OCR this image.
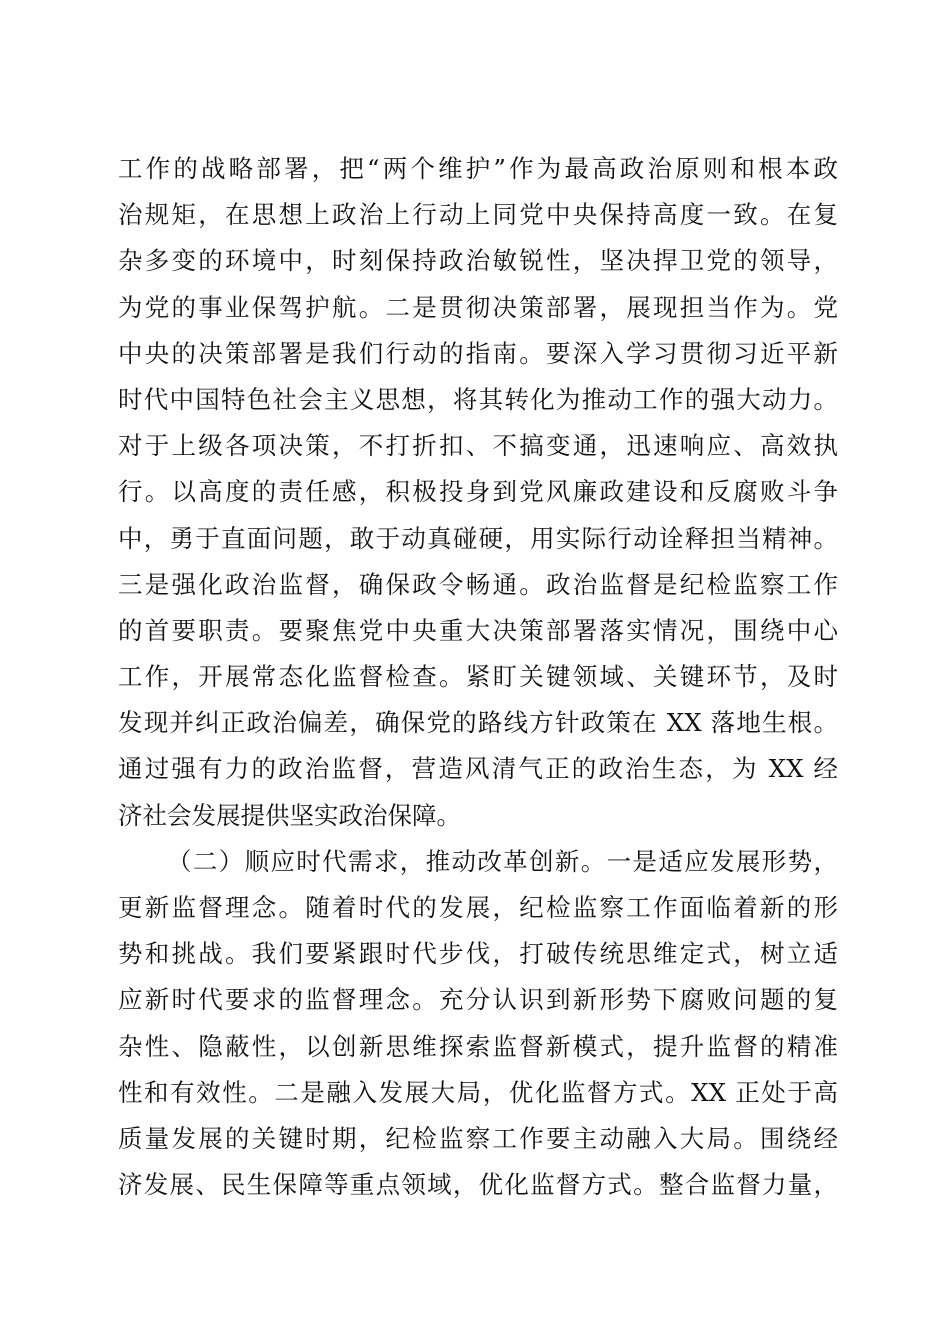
工作的战略部署，把“两个维护”作为最高政治原则和根本政
治规矩，在思想上政治上行动上同党中央保持高度一致。在复
杂多变的环境中，时刻保持政治敏锐性，坚决捍卫党的领导，
为党的事业保驾护航。二是贯彻决策部署，展现担当作为。党
中央的决策部署是我们行动的指南。要深入学习贯彻习近平新
时代中国特色社会主义思想，将其转化为推动工作的强大动力。
对于上级各项决策，不打折扣、不搞变通，迅速响应、高效执
行。以高度的责任感，积极投身到党风廉政建设和反腐败斗争
中，勇于直面问题，敢于动真碰硬，用实际行动诠释担当精神。
三是强化政治监督，确保政令畅通。政治监督是纪检监察工作
的首要职责。要聚焦党中央重大决策部署落实情况，围绕中心
工作，开展常态化监督检查。紧盯关键领域、关键环节，及时
发现并纠正政治偏差，确保党的路线方针政策在 XX 落地生根。
通过强有力的政治监督，营造风清气正的政治生态，为 XX 经
济社会发展提供坚实政治保障。
（二）顺应时代需求，推动改革创新。一是适应发展形势，
更新监督理念。随着时代的发展，纪检监察工作面临着新的形
势和挑战。我们要紧跟时代步伐，打破传统思维定式，树立适
应新时代要求的监督理念。充分认识到新形势下腐败问题的复
杂性、隐蔽性，以创新思维探索监督新模式，提升监督的精准
性和有效性。二是融入发展大局，优化监督方式。XX 正处于高
质量发展的关键时期，纪检监察工作要主动融入大局。围绕经
济发展、民生保障等重点领域，优化监督方式。整合监督力量，
